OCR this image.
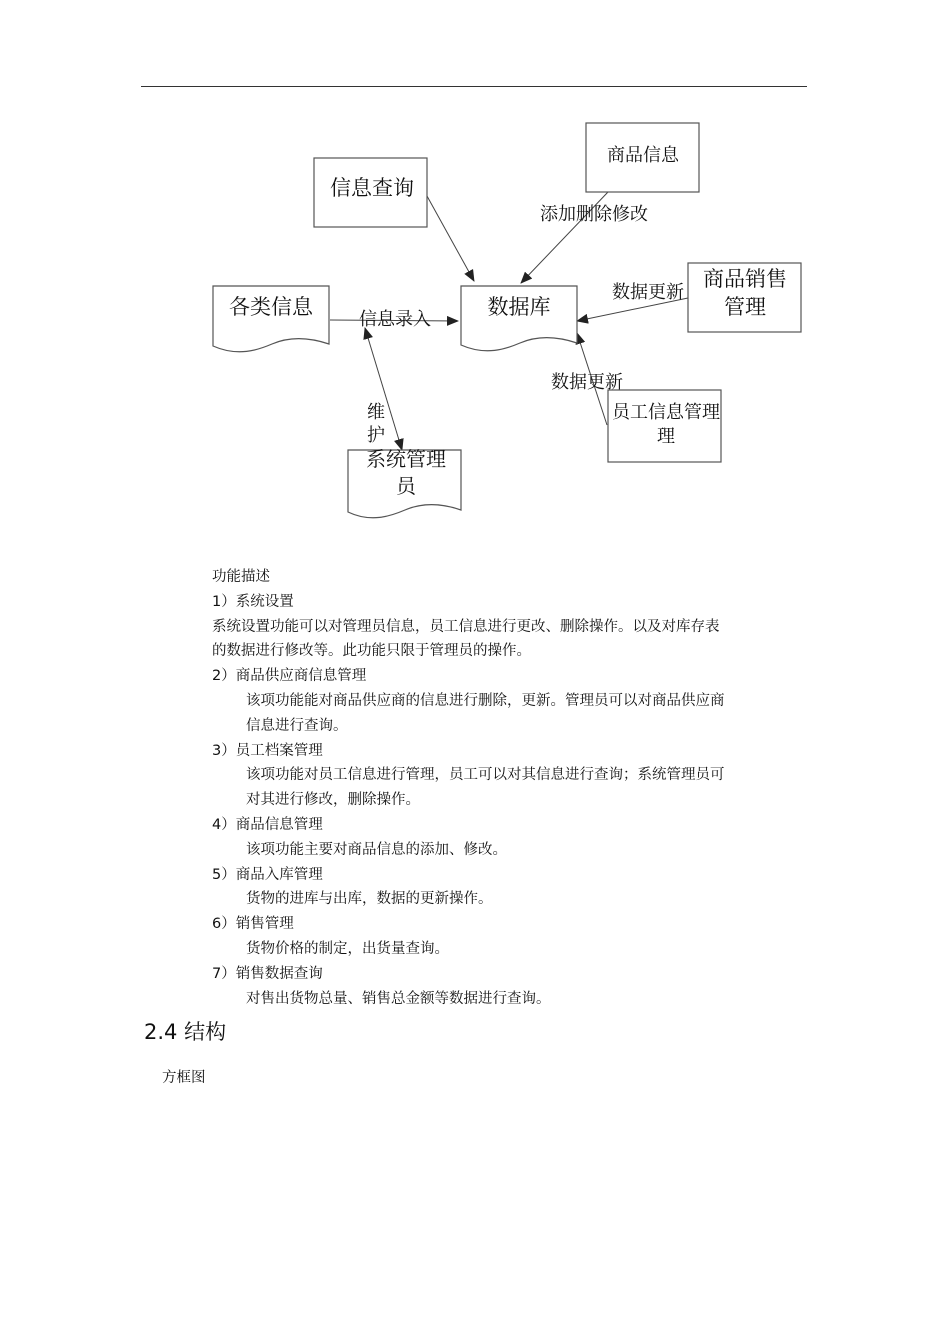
信息查询
商品信息
商品销售
管理
员工信息管理
理
各类信息	数据库
系统管理
员
添加删除修改
数据更新
信息录入
数据更新
维
护
功能描述
1）系统设置
系统设置功能可以对管理员信息，员工信息进行更改、删除操作。以及对库存表
的数据进行修改等。此功能只限于管理员的操作。
2）商品供应商信息管理
该项功能能对商品供应商的信息进行删除，更新。管理员可以对商品供应商
信息进行查询。
3）员工档案管理
该项功能对员工信息进行管理，员工可以对其信息进行查询；系统管理员可
对其进行修改，删除操作。
4）商品信息管理
该项功能主要对商品信息的添加、修改。
5）商品入库管理
货物的进库与出库，数据的更新操作。
6）销售管理
货物价格的制定，出货量查询。
7）销售数据查询
对售出货物总量、销售总金额等数据进行查询。
2.4 结构
方框图
